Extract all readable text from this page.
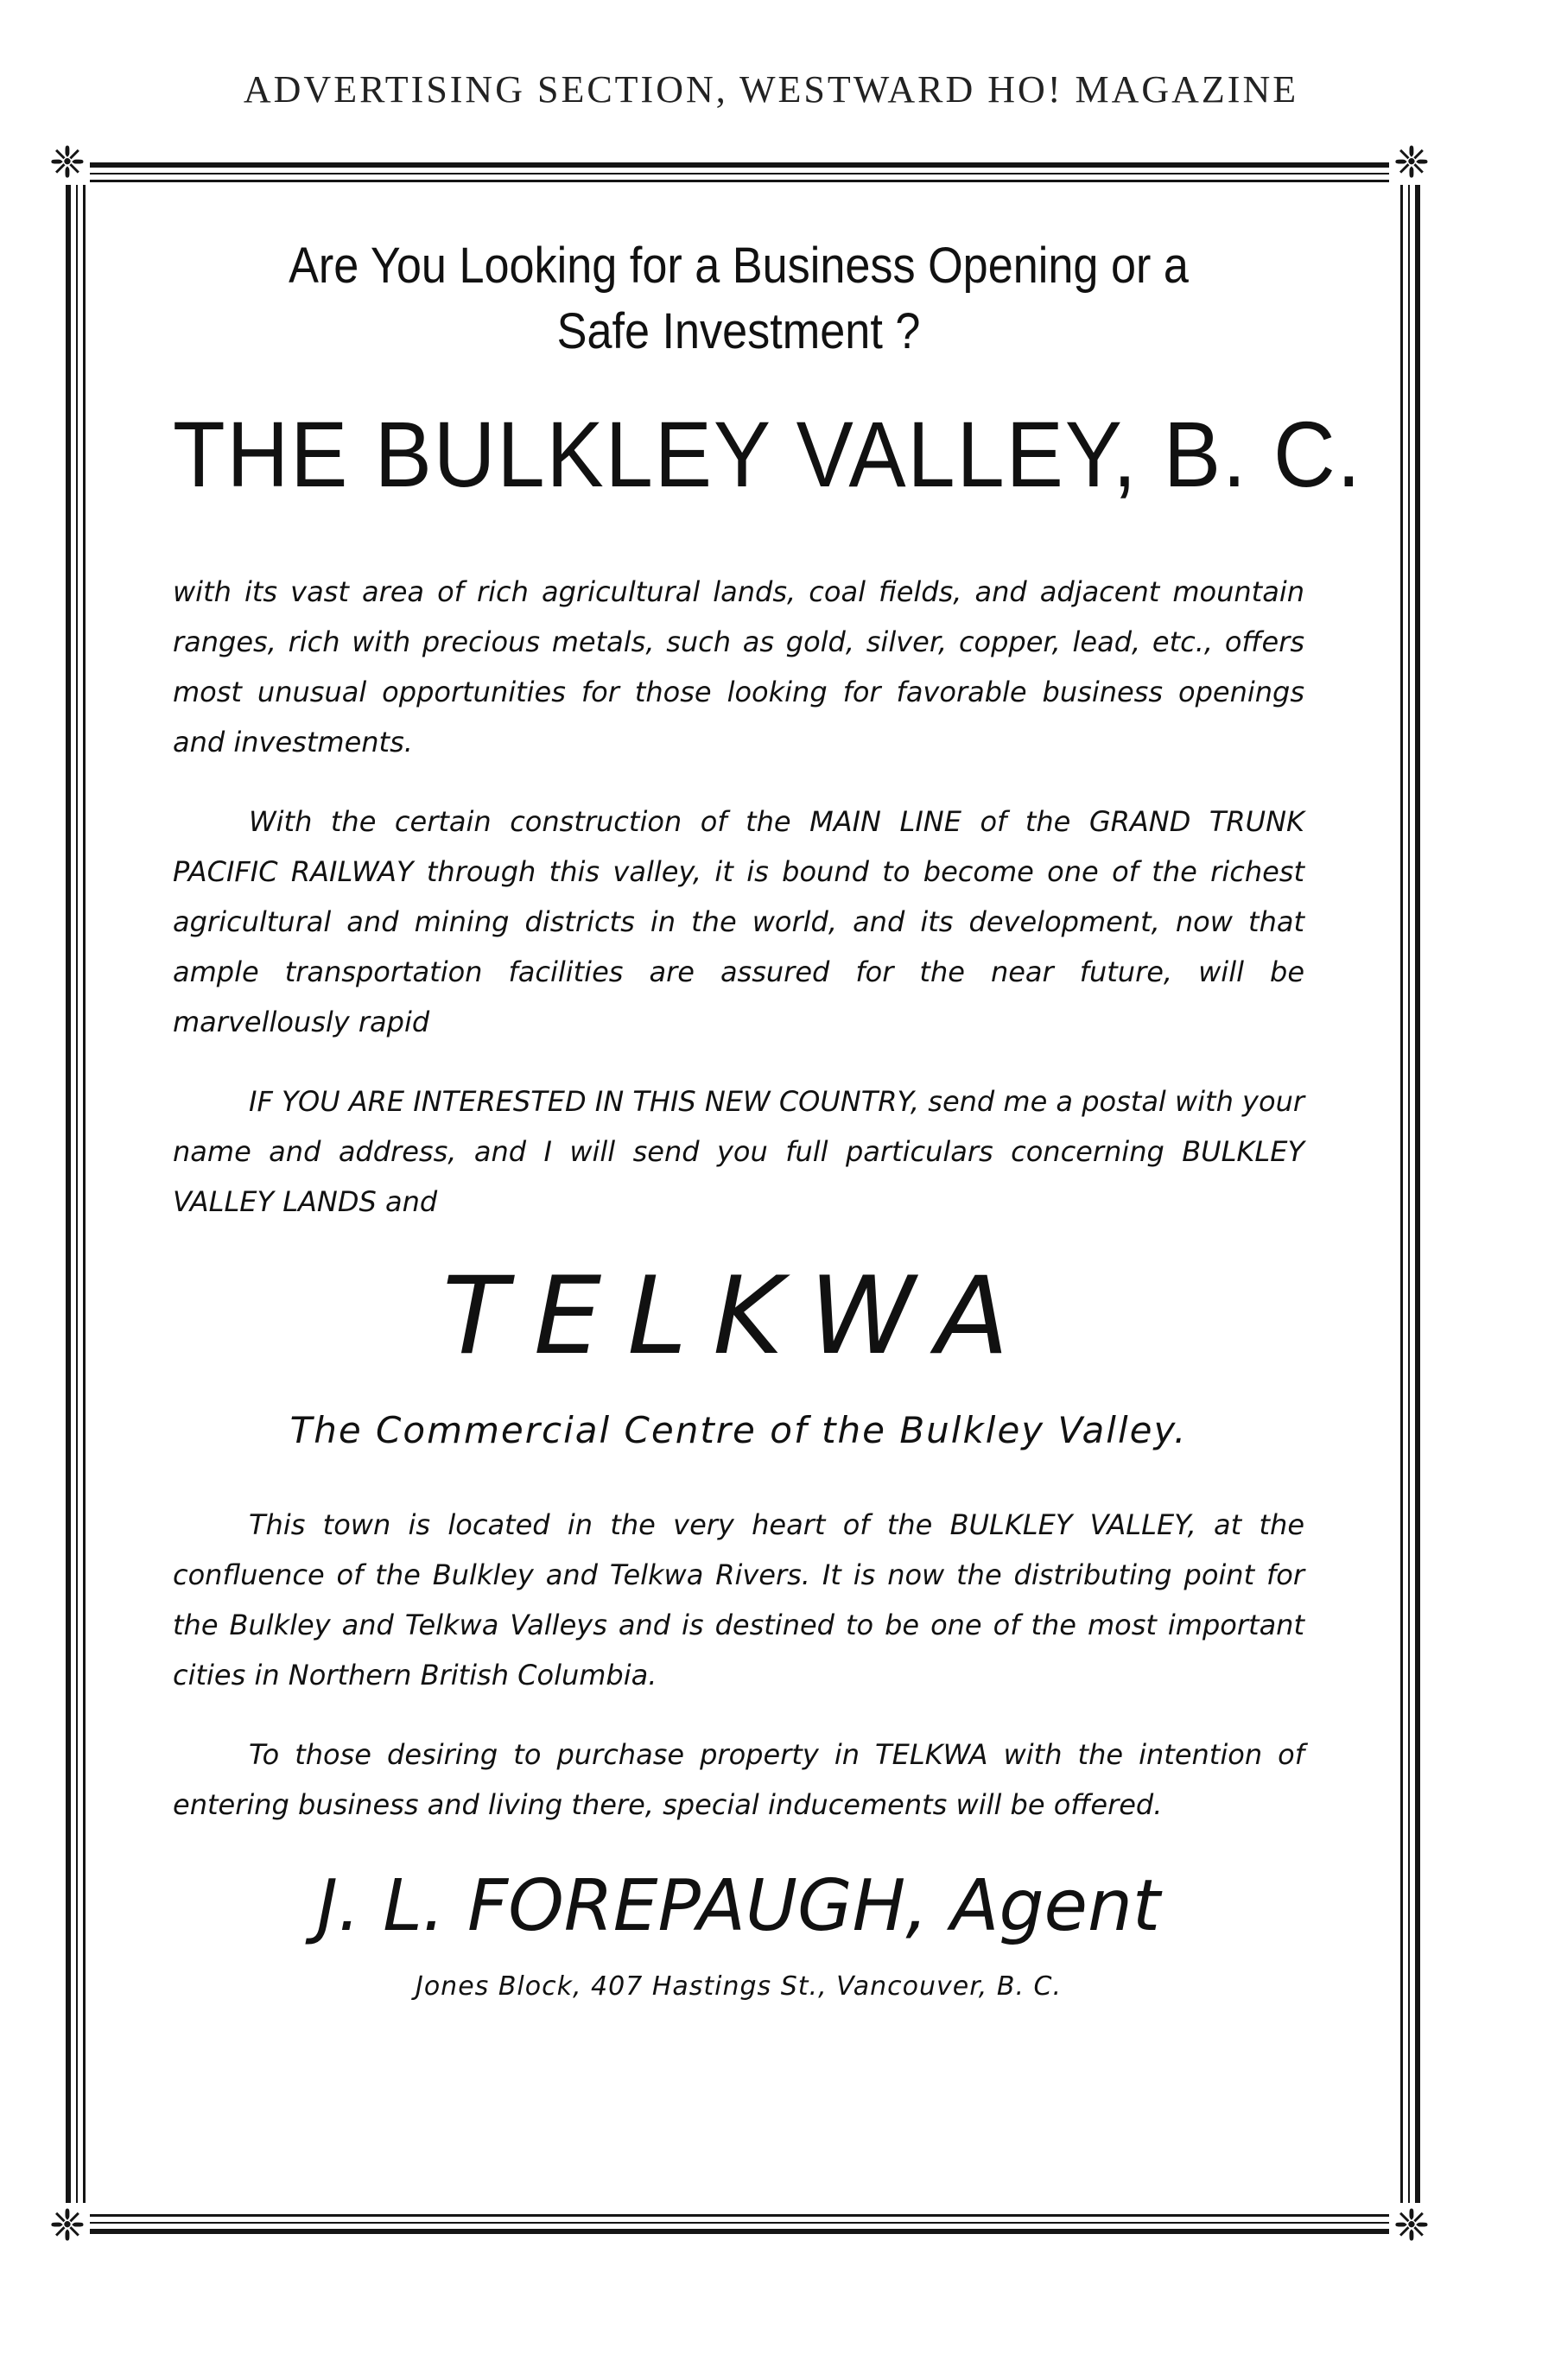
ADVERTISING SECTION, WESTWARD HO! MAGAZINE
❈	❈
❈	❈
Are You Looking for a Business Opening or a
Safe Investment ?
THE BULKLEY VALLEY, B. C.

with its vast area of rich agricultural lands, coal fields, and adjacent mountain ranges, rich with precious metals, such as gold, silver, copper, lead, etc., offers most unusual opportunities for those looking for favorable business openings and investments.

With the certain construction of the MAIN LINE of the GRAND TRUNK PACIFIC RAILWAY through this valley, it is bound to become one of the richest agricultural and mining districts in the world, and its development, now that ample transportation facilities are assured for the near future, will be marvellously rapid

IF YOU ARE INTERESTED IN THIS NEW COUNTRY, send me a postal with your name and address, and I will send you full particulars concerning BULKLEY VALLEY LANDS and

TELKWA
The Commercial Centre of the Bulkley Valley.

This town is located in the very heart of the BULKLEY VALLEY, at the confluence of the Bulkley and Telkwa Rivers. It is now the distributing point for the Bulkley and Telkwa Valleys and is destined to be one of the most important cities in Northern British Columbia.

To those desiring to purchase property in TELKWA with the intention of entering business and living there, special inducements will be offered.

J. L. FOREPAUGH, Agent
Jones Block, 407 Hastings St., Vancouver, B. C.
